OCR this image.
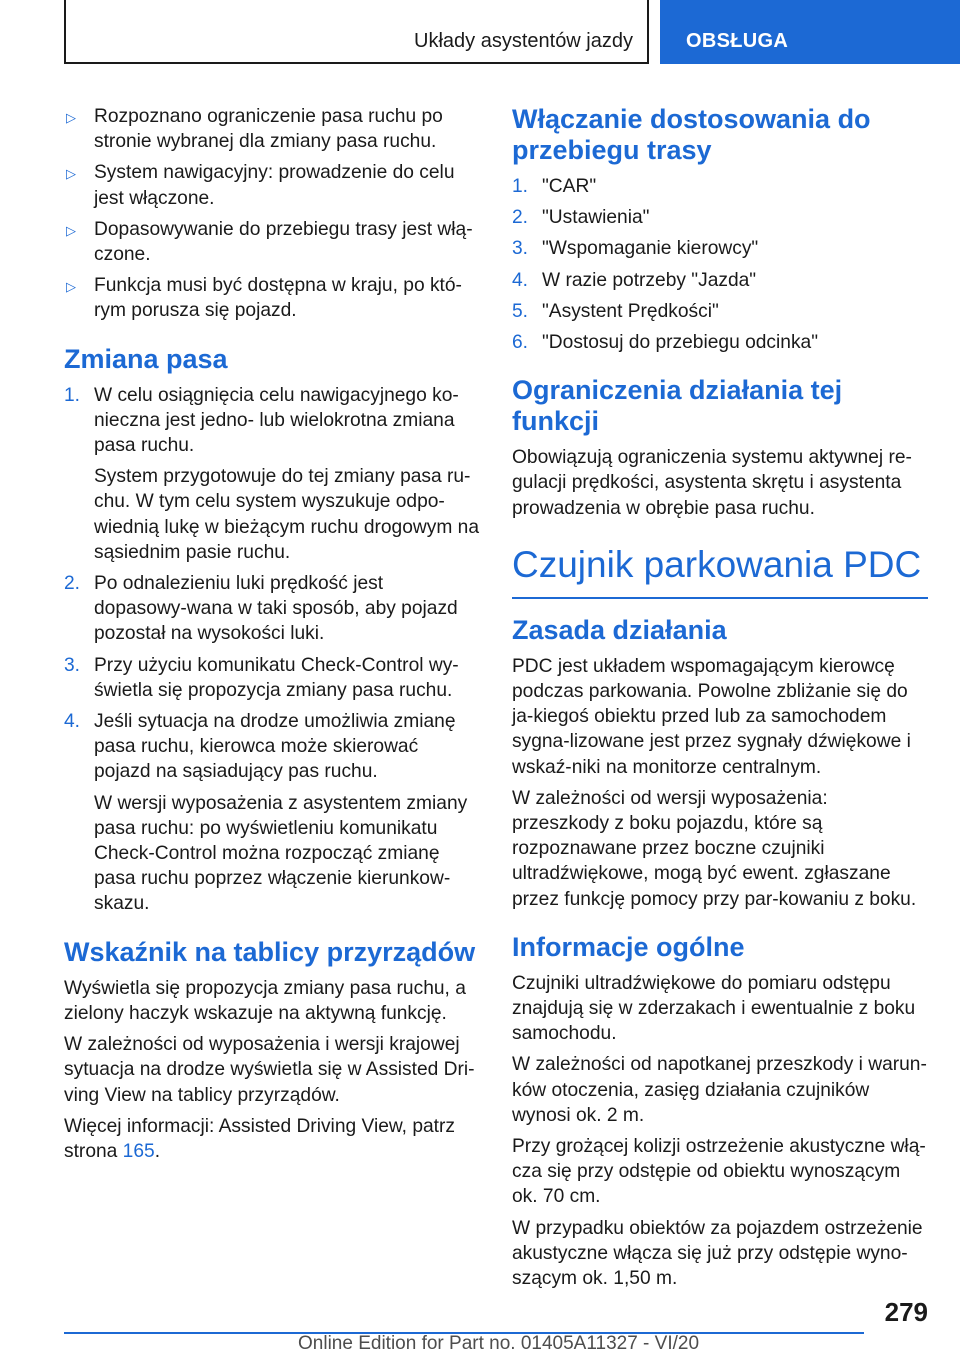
Układy asystentów jazdy	OBSŁUGA
▷ Rozpoznano ograniczenie pasa ruchu po stronie wybranej dla zmiany pasa ruchu.
▷ System nawigacyjny: prowadzenie do celu jest włączone.
▷ Dopasowywanie do przebiegu trasy jest włą‐czone.
▷ Funkcja musi być dostępna w kraju, po któ‐rym porusza się pojazd.
Zmiana pasa
1. W celu osiągnięcia celu nawigacyjnego ko‐nieczna jest jedno- lub wielokrotna zmiana pasa ruchu.
System przygotowuje do tej zmiany pasa ru‐chu. W tym celu system wyszukuje odpo‐wiednią lukę w bieżącym ruchu drogowym na sąsiednim pasie ruchu.
2. Po odnalezieniu luki prędkość jest dopasowy‐wana w taki sposób, aby pojazd pozostał na wysokości luki.
3. Przy użyciu komunikatu Check-Control wy‐świetla się propozycja zmiany pasa ruchu.
4. Jeśli sytuacja na drodze umożliwia zmianę pasa ruchu, kierowca może skierować pojazd na sąsiadujący pas ruchu.
W wersji wyposażenia z asystentem zmiany pasa ruchu: po wyświetleniu komunikatu Check-Control można rozpocząć zmianę pasa ruchu poprzez włączenie kierunkow‐skazu.
Wskaźnik na tablicy przyrządów
Wyświetla się propozycja zmiany pasa ruchu, a zielony haczyk wskazuje na aktywną funkcję.
W zależności od wyposażenia i wersji krajowej sytuacja na drodze wyświetla się w Assisted Dri‐ving View na tablicy przyrządów.
Więcej informacji: Assisted Driving View, patrz strona 165.
Włączanie dostosowania do przebiegu trasy
1. "CAR"
2. "Ustawienia"
3. "Wspomaganie kierowcy"
4. W razie potrzeby "Jazda"
5. "Asystent Prędkości"
6. "Dostosuj do przebiegu odcinka"
Ograniczenia działania tej funkcji
Obowiązują ograniczenia systemu aktywnej re‐gulacji prędkości, asystenta skrętu i asystenta prowadzenia w obrębie pasa ruchu.
Czujnik parkowania PDC
Zasada działania
PDC jest układem wspomagającym kierowcę podczas parkowania. Powolne zbliżanie się do ja‐kiegoś obiektu przed lub za samochodem sygna‐lizowane jest przez sygnały dźwiękowe i wskaź‐niki na monitorze centralnym.
W zależności od wersji wyposażenia: przeszkody z boku pojazdu, które są rozpoznawane przez boczne czujniki ultradźwiękowe, mogą być ewent. zgłaszane przez funkcję pomocy przy par‐kowaniu z boku.
Informacje ogólne
Czujniki ultradźwiękowe do pomiaru odstępu znajdują się w zderzakach i ewentualnie z boku samochodu.
W zależności od napotkanej przeszkody i warun‐ków otoczenia, zasięg działania czujników wynosi ok. 2 m.
Przy grożącej kolizji ostrzeżenie akustyczne włą‐cza się przy odstępie od obiektu wynoszącym ok. 70 cm.
W przypadku obiektów za pojazdem ostrzeżenie akustyczne włącza się już przy odstępie wyno‐szącym ok. 1,50 m.
279
Online Edition for Part no. 01405A11327 - VI/20
